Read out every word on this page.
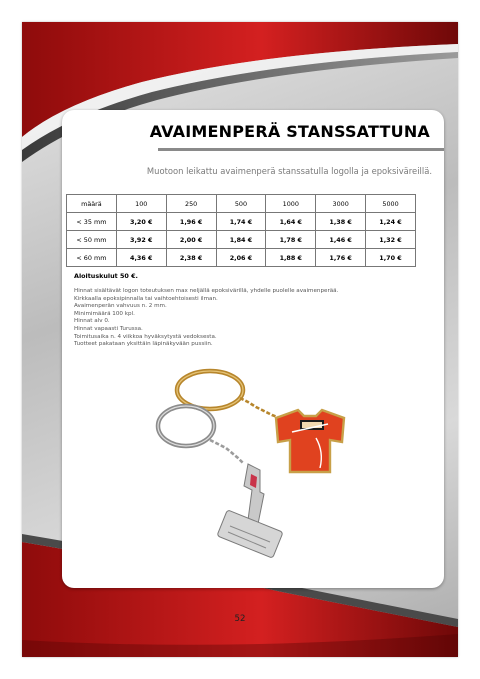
AVAIMENPERÄ STANSSATTUNA
Muotoon leikattu avaimenperä stanssatulla logolla ja epoksiväreillä.
määrä	100	250	500	1000	3000	5000
< 35 mm	3,20 €	1,96 €	1,74 €	1,64 €	1,38 €	1,24 €
< 50 mm	3,92 €	2,00 €	1,84 €	1,78 €	1,46 €	1,32 €
< 60 mm	4,36 €	2,38 €	2,06 €	1,88 €	1,76 €	1,70 €
Aloituskulut 50 €.
Hinnat sisältävät logon toteutuksen max neljällä epoksivärillä, yhdelle puolelle avaimenperää.
Kirkkaalla epoksipinnalla tai vaihtoehtoisesti ilman.
Avaimenperän vahvuus n. 2 mm.
Minimimäärä 100 kpl.
Hinnat alv 0.
Hinnat vapaasti Turussa.
Toimitusaika n. 4 viikkoa hyväksytystä vedoksesta.
Tuotteet pakataan yksittäin läpinäkyvään pussiin.
52
